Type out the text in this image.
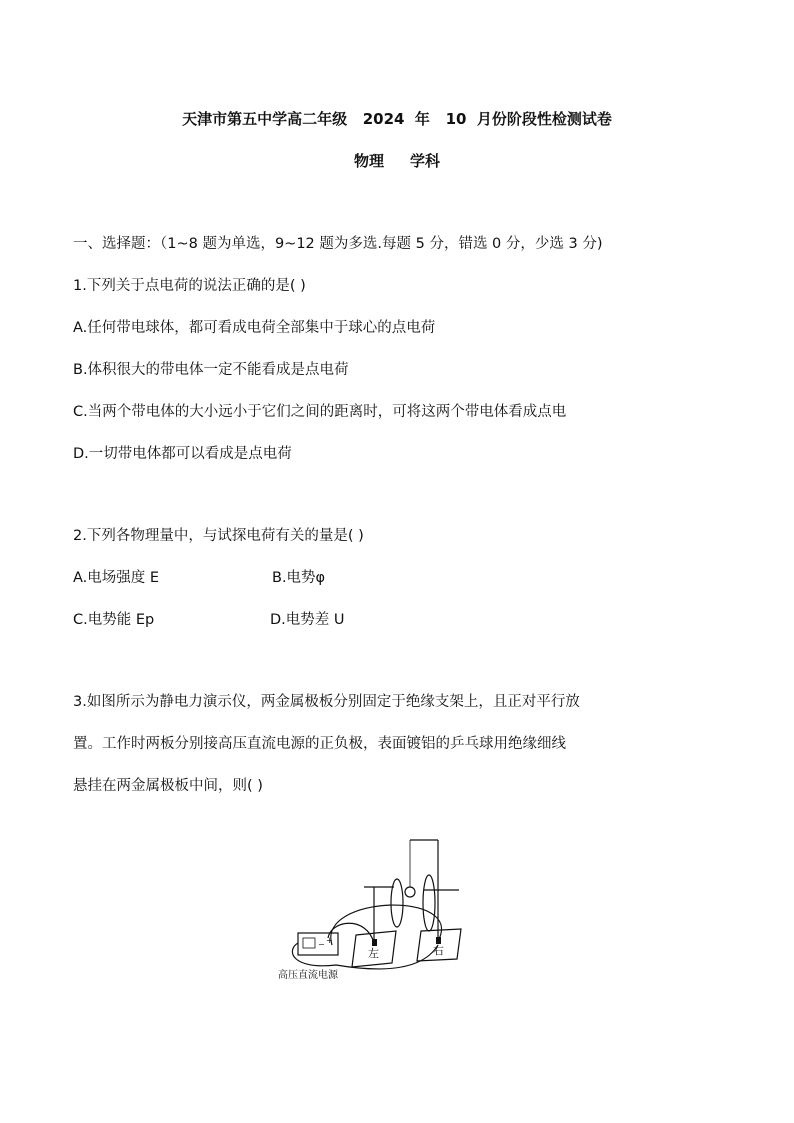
天津市第五中学高二年级   2024  年   10  月份阶段性检测试卷
物理     学科
一、选择题：（1~8 题为单选，9~12 题为多选.每题 5 分，错选 0 分，少选 3 分)
1.下列关于点电荷的说法正确的是( )
A.任何带电球体，都可看成电荷全部集中于球心的点电荷
B.体积很大的带电体一定不能看成是点电荷
C.当两个带电体的大小远小于它们之间的距离时，可将这两个带电体看成点电
D.一切带电体都可以看成是点电荷
2.下列各物理量中，与试探电荷有关的量是( )
A.电场强度 E	B.电势φ
C.电势能 Ep	D.电势差 U
3.如图所示为静电力演示仪，两金属极板分别固定于绝缘支架上，且正对平行放
置。工作时两板分别接高压直流电源的正负极，表面镀铝的乒乓球用绝缘细线
悬挂在两金属极板中间，则( )
左	右
− +
高压直流电源
